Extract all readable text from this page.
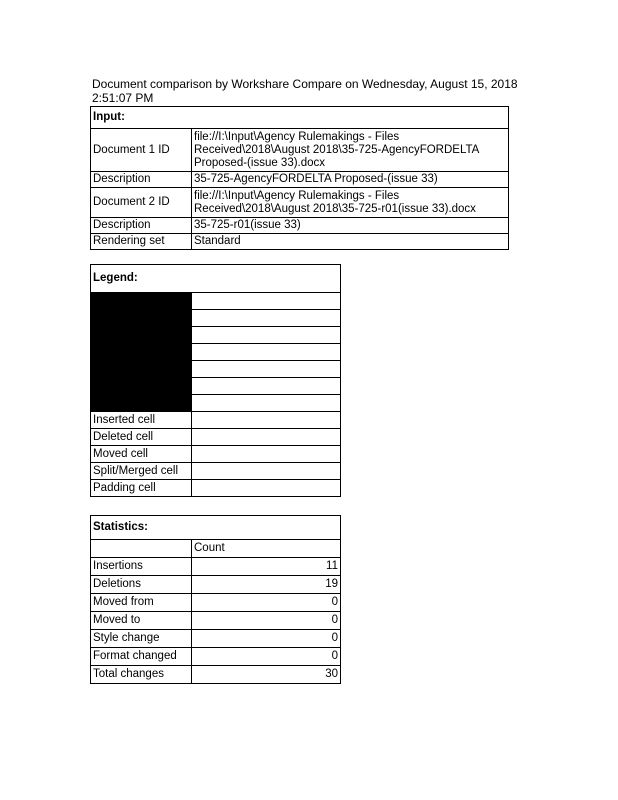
Document comparison by Workshare Compare on Wednesday, August 15, 2018 2:51:07 PM
Input:	
Document 1 ID	file://I:\Input\Agency Rulemakings - Files Received\2018\August 2018\35-725-AgencyFORDELTA Proposed-(issue 33).docx
Description	35-725-AgencyFORDELTA Proposed-(issue 33)
Document 2 ID	file://I:\Input\Agency Rulemakings - Files Received\2018\August 2018\35-725-r01(issue 33).docx
Description	35-725-r01(issue 33)
Rendering set	Standard
Legend:	

Inserted cell	
Deleted cell	
Moved cell	
Split/Merged cell	
Padding cell	
Statistics:	
	Count
Insertions	11
Deletions	19
Moved from	0
Moved to	0
Style change	0
Format changed	0
Total changes	30
